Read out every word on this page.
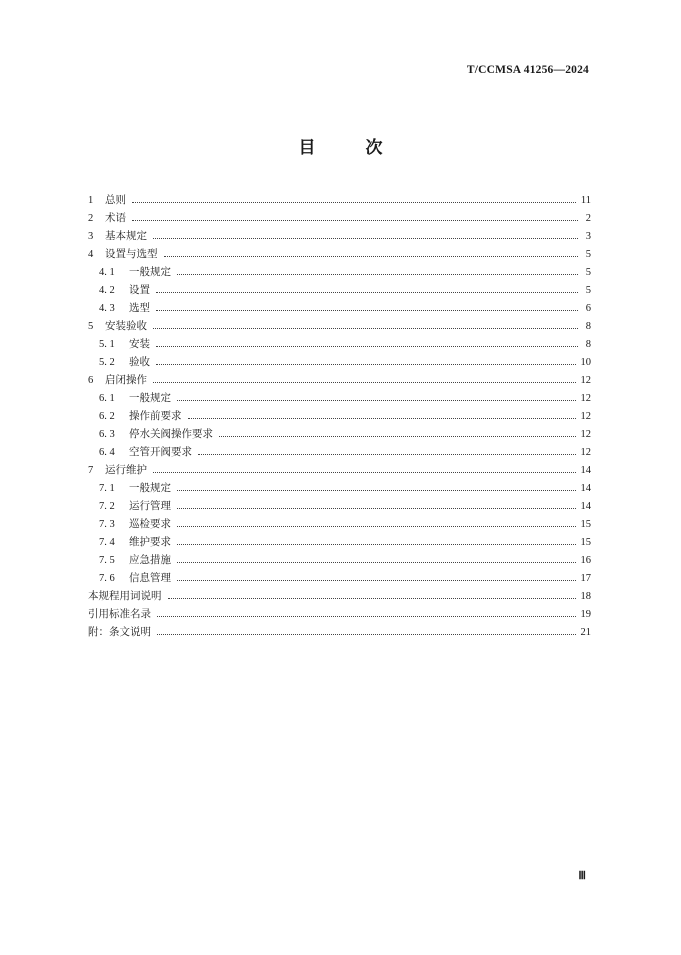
T/CCMSA 41256—2024
目	次
1	总则	11
2	术语	2
3	基本规定	3
4	设置与选型	5
4. 1	一般规定	5
4. 2	设置	5
4. 3	选型	6
5	安装验收	8
5. 1	安装	8
5. 2	验收	10
6	启闭操作	12
6. 1	一般规定	12
6. 2	操作前要求	12
6. 3	停水关阀操作要求	12
6. 4	空管开阀要求	12
7	运行维护	14
7. 1	一般规定	14
7. 2	运行管理	14
7. 3	巡检要求	15
7. 4	维护要求	15
7. 5	应急措施	16
7. 6	信息管理	17
本规程用词说明	18
引用标准名录	19
附：条文说明	21
Ⅲ
